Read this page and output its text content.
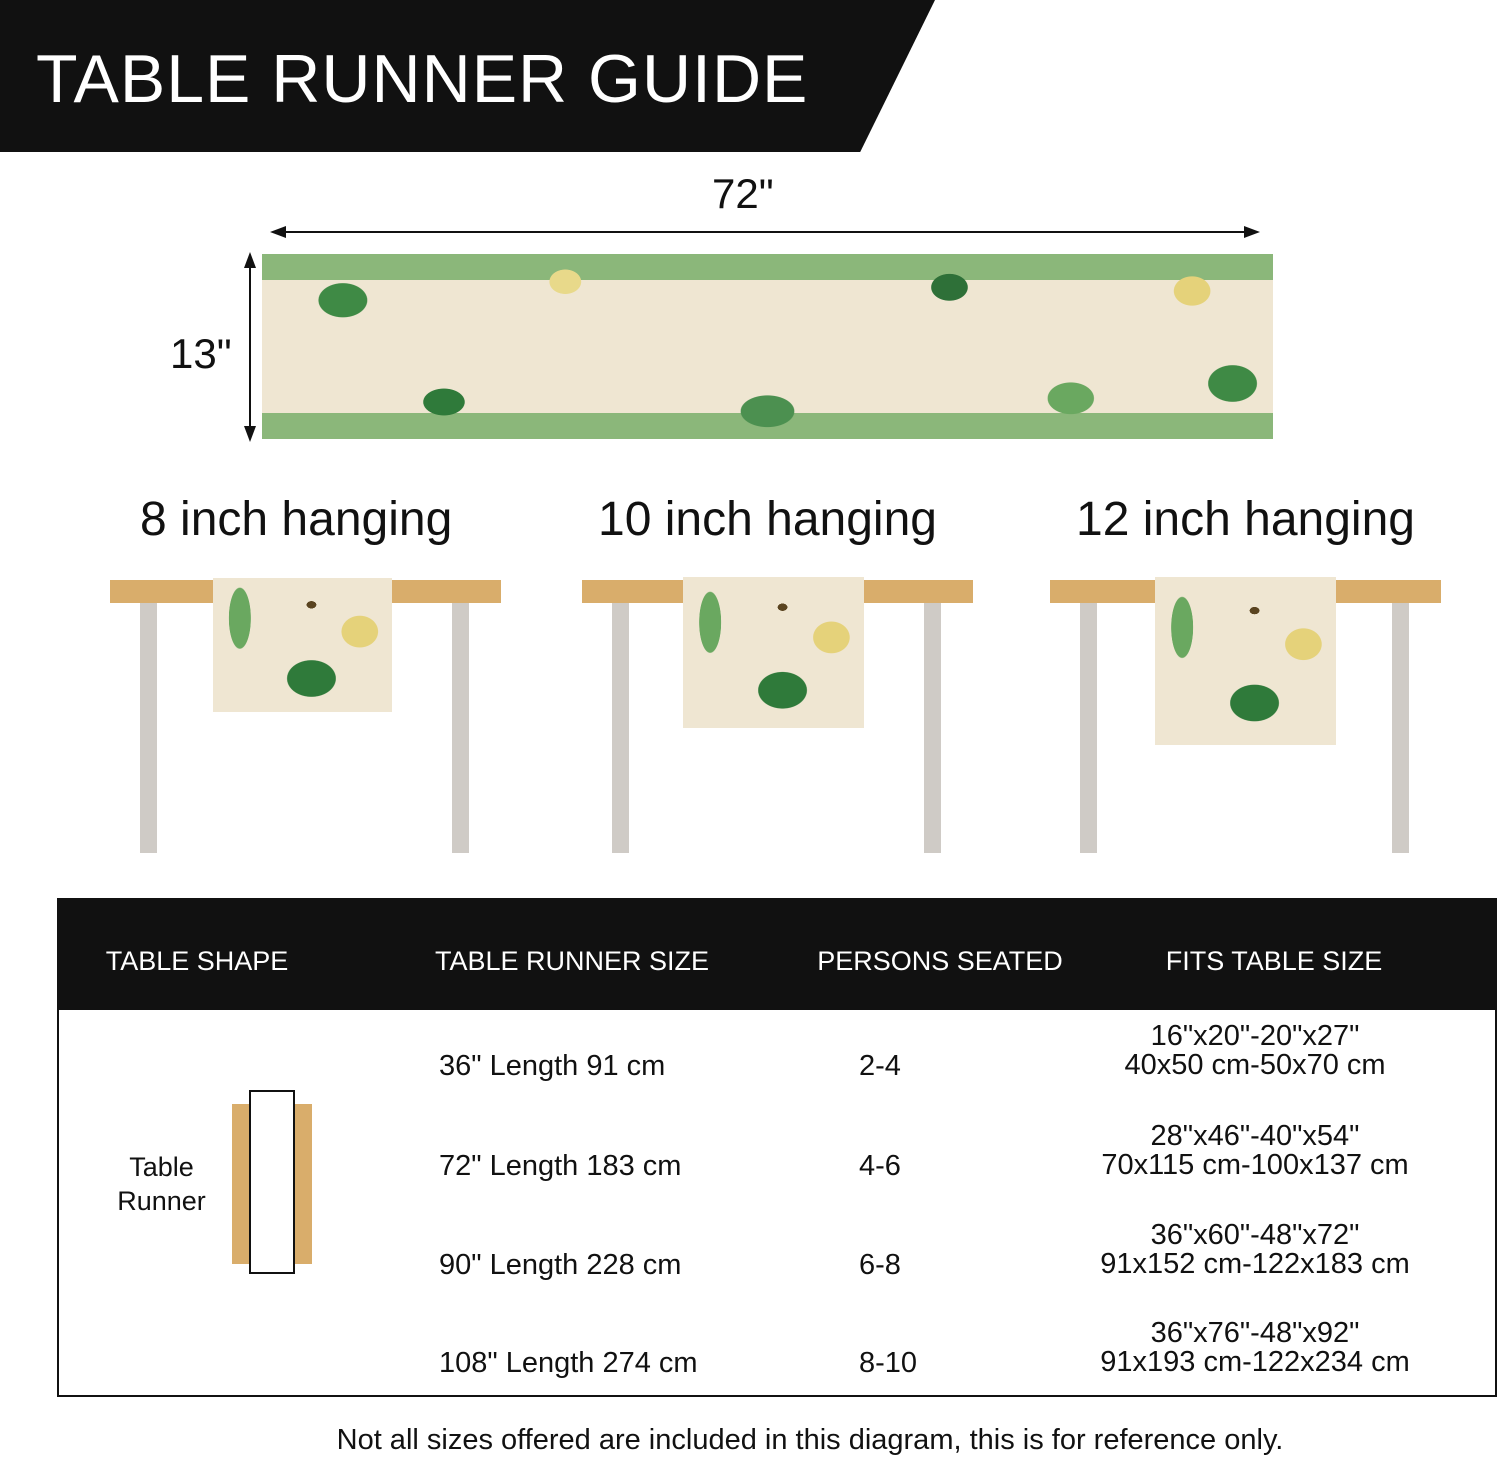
TABLE RUNNER GUIDE
72"
13"
8 inch hanging	10 inch hanging	12 inch hanging
TABLE SHAPE	TABLE RUNNER SIZE	PERSONS SEATED	FITS TABLE SIZE
Table
Runner
36" Length 91 cm	2-4
16"x20"-20"x27"
40x50 cm-50x70 cm
72" Length 183 cm	4-6
28"x46"-40"x54"
70x115 cm-100x137 cm
90" Length 228 cm	6-8
36"x60"-48"x72"
91x152 cm-122x183 cm
108" Length 274 cm	8-10
36"x76"-48"x92"
91x193 cm-122x234 cm
Not all sizes offered are included in this diagram, this is for reference only.
